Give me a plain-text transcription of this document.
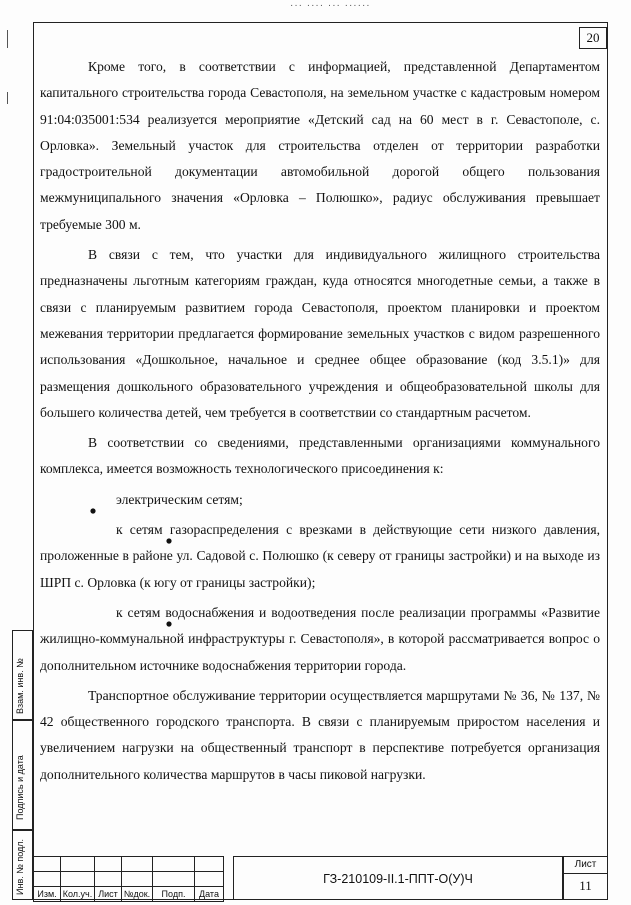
··· ···· ··· ······
20

Кроме того, в соответствии с информацией, представленной Департаментом капитального строительства города Севастополя, на земельном участке с кадастровым номером 91:04:035001:534 реализуется мероприятие «Детский сад на 60 мест в г. Севастополе, с. Орловка». Земельный участок для строительства отделен от территории разработки градостроительной документации автомобильной дорогой общего пользования межмуниципального значения «Орловка – Полюшко», радиус обслуживания превышает требуемые 300 м.

В связи с тем, что участки для индивидуального жилищного строительства предназначены льготным категориям граждан, куда относятся многодетные семьи, а также в связи с планируемым развитием города Севастополя, проектом планировки и проектом межевания территории предлагается формирование земельных участков с видом разрешенного использования «Дошкольное, начальное и среднее общее образование (код 3.5.1)» для размещения дошкольного образовательного учреждения и общеобразовательной школы для большего количества детей, чем требуется в соответствии со стандартным расчетом.

В соответствии со сведениями, представленными организациями коммунального комплекса, имеется возможность технологического присоединения к:

электрическим сетям;

к сетям газораспределения с врезками в действующие сети низкого давления, проложенные в районе ул. Садовой с. Полюшко (к северу от границы застройки) и на выходе из ШРП с. Орловка (к югу от границы застройки);

к сетям водоснабжения и водоотведения после реализации программы «Развитие жилищно-коммунальной инфраструктуры г. Севастополя», в которой рассматривается вопрос о дополнительном источнике водоснабжения территории города.

Транспортное обслуживание территории осуществляется маршрутами № 36, № 137, № 42 общественного городского транспорта. В связи с планируемым приростом населения и увеличением нагрузки на общественный транспорт в перспективе потребуется организация дополнительного количества маршрутов в часы пиковой нагрузки.

Взам. инв. №
Подпись и дата
Инв. № подл.

					Изм.	Кол.уч.	Лист	№док.	Подп.	Дата
ГЗ-210109-II.1-ППТ-О(У)Ч
Лист
11
